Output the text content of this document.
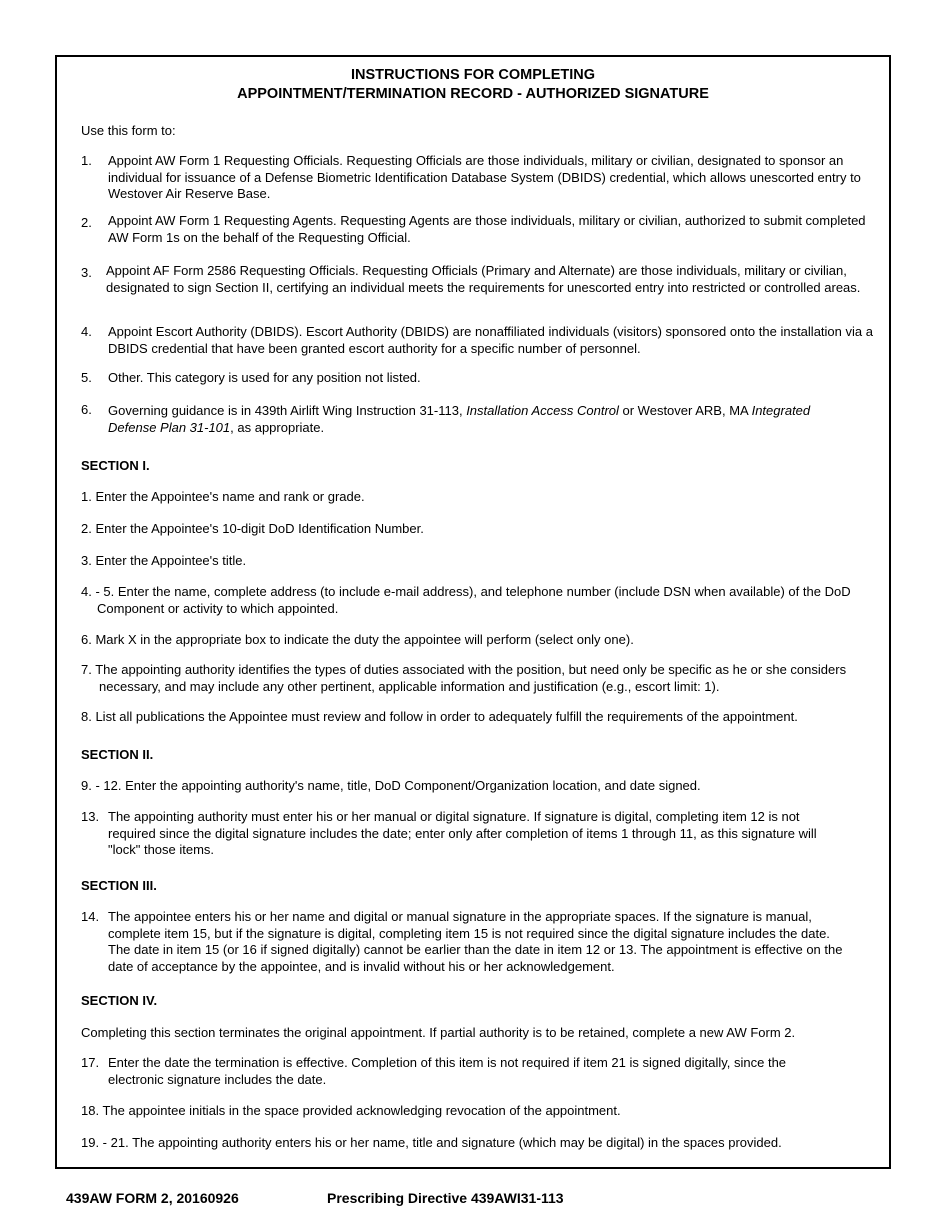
INSTRUCTIONS FOR COMPLETING
APPOINTMENT/TERMINATION RECORD - AUTHORIZED SIGNATURE
Use this form to:
1. Appoint AW Form 1 Requesting Officials. Requesting Officials are those individuals, military or civilian, designated to sponsor an individual for issuance of a Defense Biometric Identification Database System (DBIDS) credential, which allows unescorted entry to Westover Air Reserve Base.
2. Appoint AW Form 1 Requesting Agents. Requesting Agents are those individuals, military or civilian, authorized to submit completed AW Form 1s on the behalf of the Requesting Official.
3. Appoint AF Form 2586 Requesting Officials. Requesting Officials (Primary and Alternate) are those individuals, military or civilian, designated to sign Section II, certifying an individual meets the requirements for unescorted entry into restricted or controlled areas.
4. Appoint Escort Authority (DBIDS). Escort Authority (DBIDS) are nonaffiliated individuals (visitors) sponsored onto the installation via a DBIDS credential that have been granted escort authority for a specific number of personnel.
5. Other. This category is used for any position not listed.
6. Governing guidance is in 439th Airlift Wing Instruction 31-113, Installation Access Control or Westover ARB, MA Integrated Defense Plan 31-101, as appropriate.
SECTION I.
1. Enter the Appointee's name and rank or grade.
2. Enter the Appointee's 10-digit DoD Identification Number.
3. Enter the Appointee's title.
4. - 5. Enter the name, complete address (to include e-mail address), and telephone number (include DSN when available) of the DoD Component or activity to which appointed.
6. Mark X in the appropriate box to indicate the duty the appointee will perform (select only one).
7. The appointing authority identifies the types of duties associated with the position, but need only be specific as he or she considers necessary, and may include any other pertinent, applicable information and justification (e.g., escort limit: 1).
8. List all publications the Appointee must review and follow in order to adequately fulfill the requirements of the appointment.
SECTION II.
9. - 12. Enter the appointing authority's name, title, DoD Component/Organization location, and date signed.
13. The appointing authority must enter his or her manual or digital signature. If signature is digital, completing item 12 is not required since the digital signature includes the date; enter only after completion of items 1 through 11, as this signature will "lock" those items.
SECTION III.
14. The appointee enters his or her name and digital or manual signature in the appropriate spaces. If the signature is manual, complete item 15, but if the signature is digital, completing item 15 is not required since the digital signature includes the date. The date in item 15 (or 16 if signed digitally) cannot be earlier than the date in item 12 or 13. The appointment is effective on the date of acceptance by the appointee, and is invalid without his or her acknowledgement.
SECTION IV.
Completing this section terminates the original appointment. If partial authority is to be retained, complete a new AW Form 2.
17. Enter the date the termination is effective. Completion of this item is not required if item 21 is signed digitally, since the electronic signature includes the date.
18. The appointee initials in the space provided acknowledging revocation of the appointment.
19. - 21. The appointing authority enters his or her name, title and signature (which may be digital) in the spaces provided.
439AW FORM 2, 20160926	Prescribing Directive 439AWI31-113
